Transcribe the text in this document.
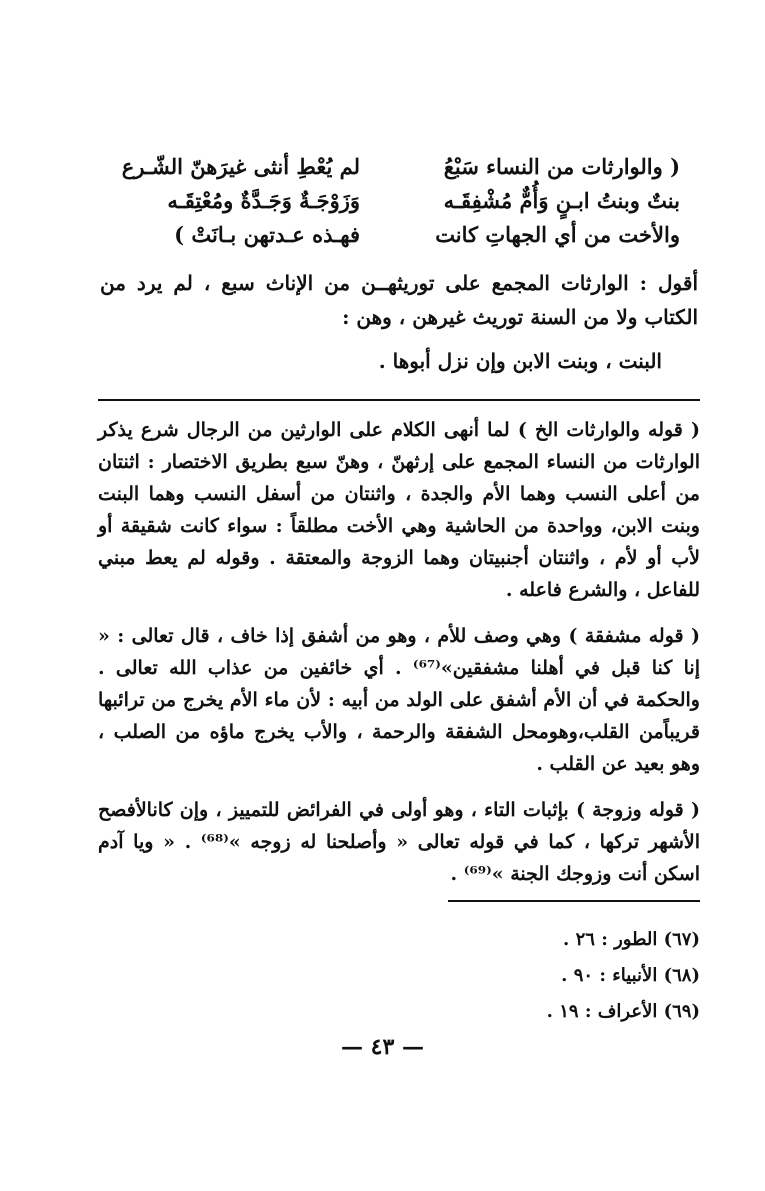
( والوارثات من النساء سَبْعُ
لم يُعْطِ أنثى غيرَهنّ الشّـرع
بنتٌ وبنتُ ابـنٍ وَأُمٌّ مُشْفِقَـه
وَزَوْجَـةٌ وَجَـدَّةٌ ومُعْتِقَـه
والأخت من أي الجهاتِ كانت
فهـذه عـدتهن بـانَتْ )

أقول : الوارثات المجمع على توريثهــن من الإناث سبع ، لم يرد من الكتاب ولا من السنة توريث غيرهن ، وهن :

البنت ، وبنت الابن وإن نزل أبوها .

( قوله والوارثات الخ ) لما أنهى الكلام على الوارثين من الرجال شرع يذكر الوارثات من النساء المجمع على إرثهنّ ، وهنّ سبع بطريق الاختصار : اثنتان من أعلى النسب وهما الأم والجدة ، واثنتان من أسفل النسب وهما البنت وبنت الابن، وواحدة من الحاشية وهي الأخت مطلقاً : سواء كانت شقيقة أو لأب أو لأم ، واثنتان أجنبيتان وهما الزوجة والمعتقة . وقوله لم يعط مبني للفاعل ، والشرع فاعله .

( قوله مشفقة ) وهي وصف للأم ، وهو من أشفق إذا خاف ، قال تعالى : « إنا كنا قبل في أهلنا مشفقين»⁽⁶⁷⁾ . أي خائفين من عذاب الله تعالى . والحكمة في أن الأم أشفق على الولد من أبيه : لأن ماء الأم يخرج من ترائبها قريباًمن القلب،وهومحل الشفقة والرحمة ، والأب يخرج ماؤه من الصلب ، وهو بعيد عن القلب .

( قوله وزوجة ) بإثبات التاء ، وهو أولى في الفرائض للتمييز ، وإن كانالأفصح الأشهر تركها ، كما في قوله تعالى « وأصلحنا له زوجه »⁽⁶⁸⁾ . « ويا آدم اسكن أنت وزوجك الجنة »⁽⁶⁹⁾ .

(٦٧) الطور : ٢٦ .
(٦٨) الأنبياء : ٩٠ .
(٦٩) الأعراف : ١٩ .
— ٤٣ —
